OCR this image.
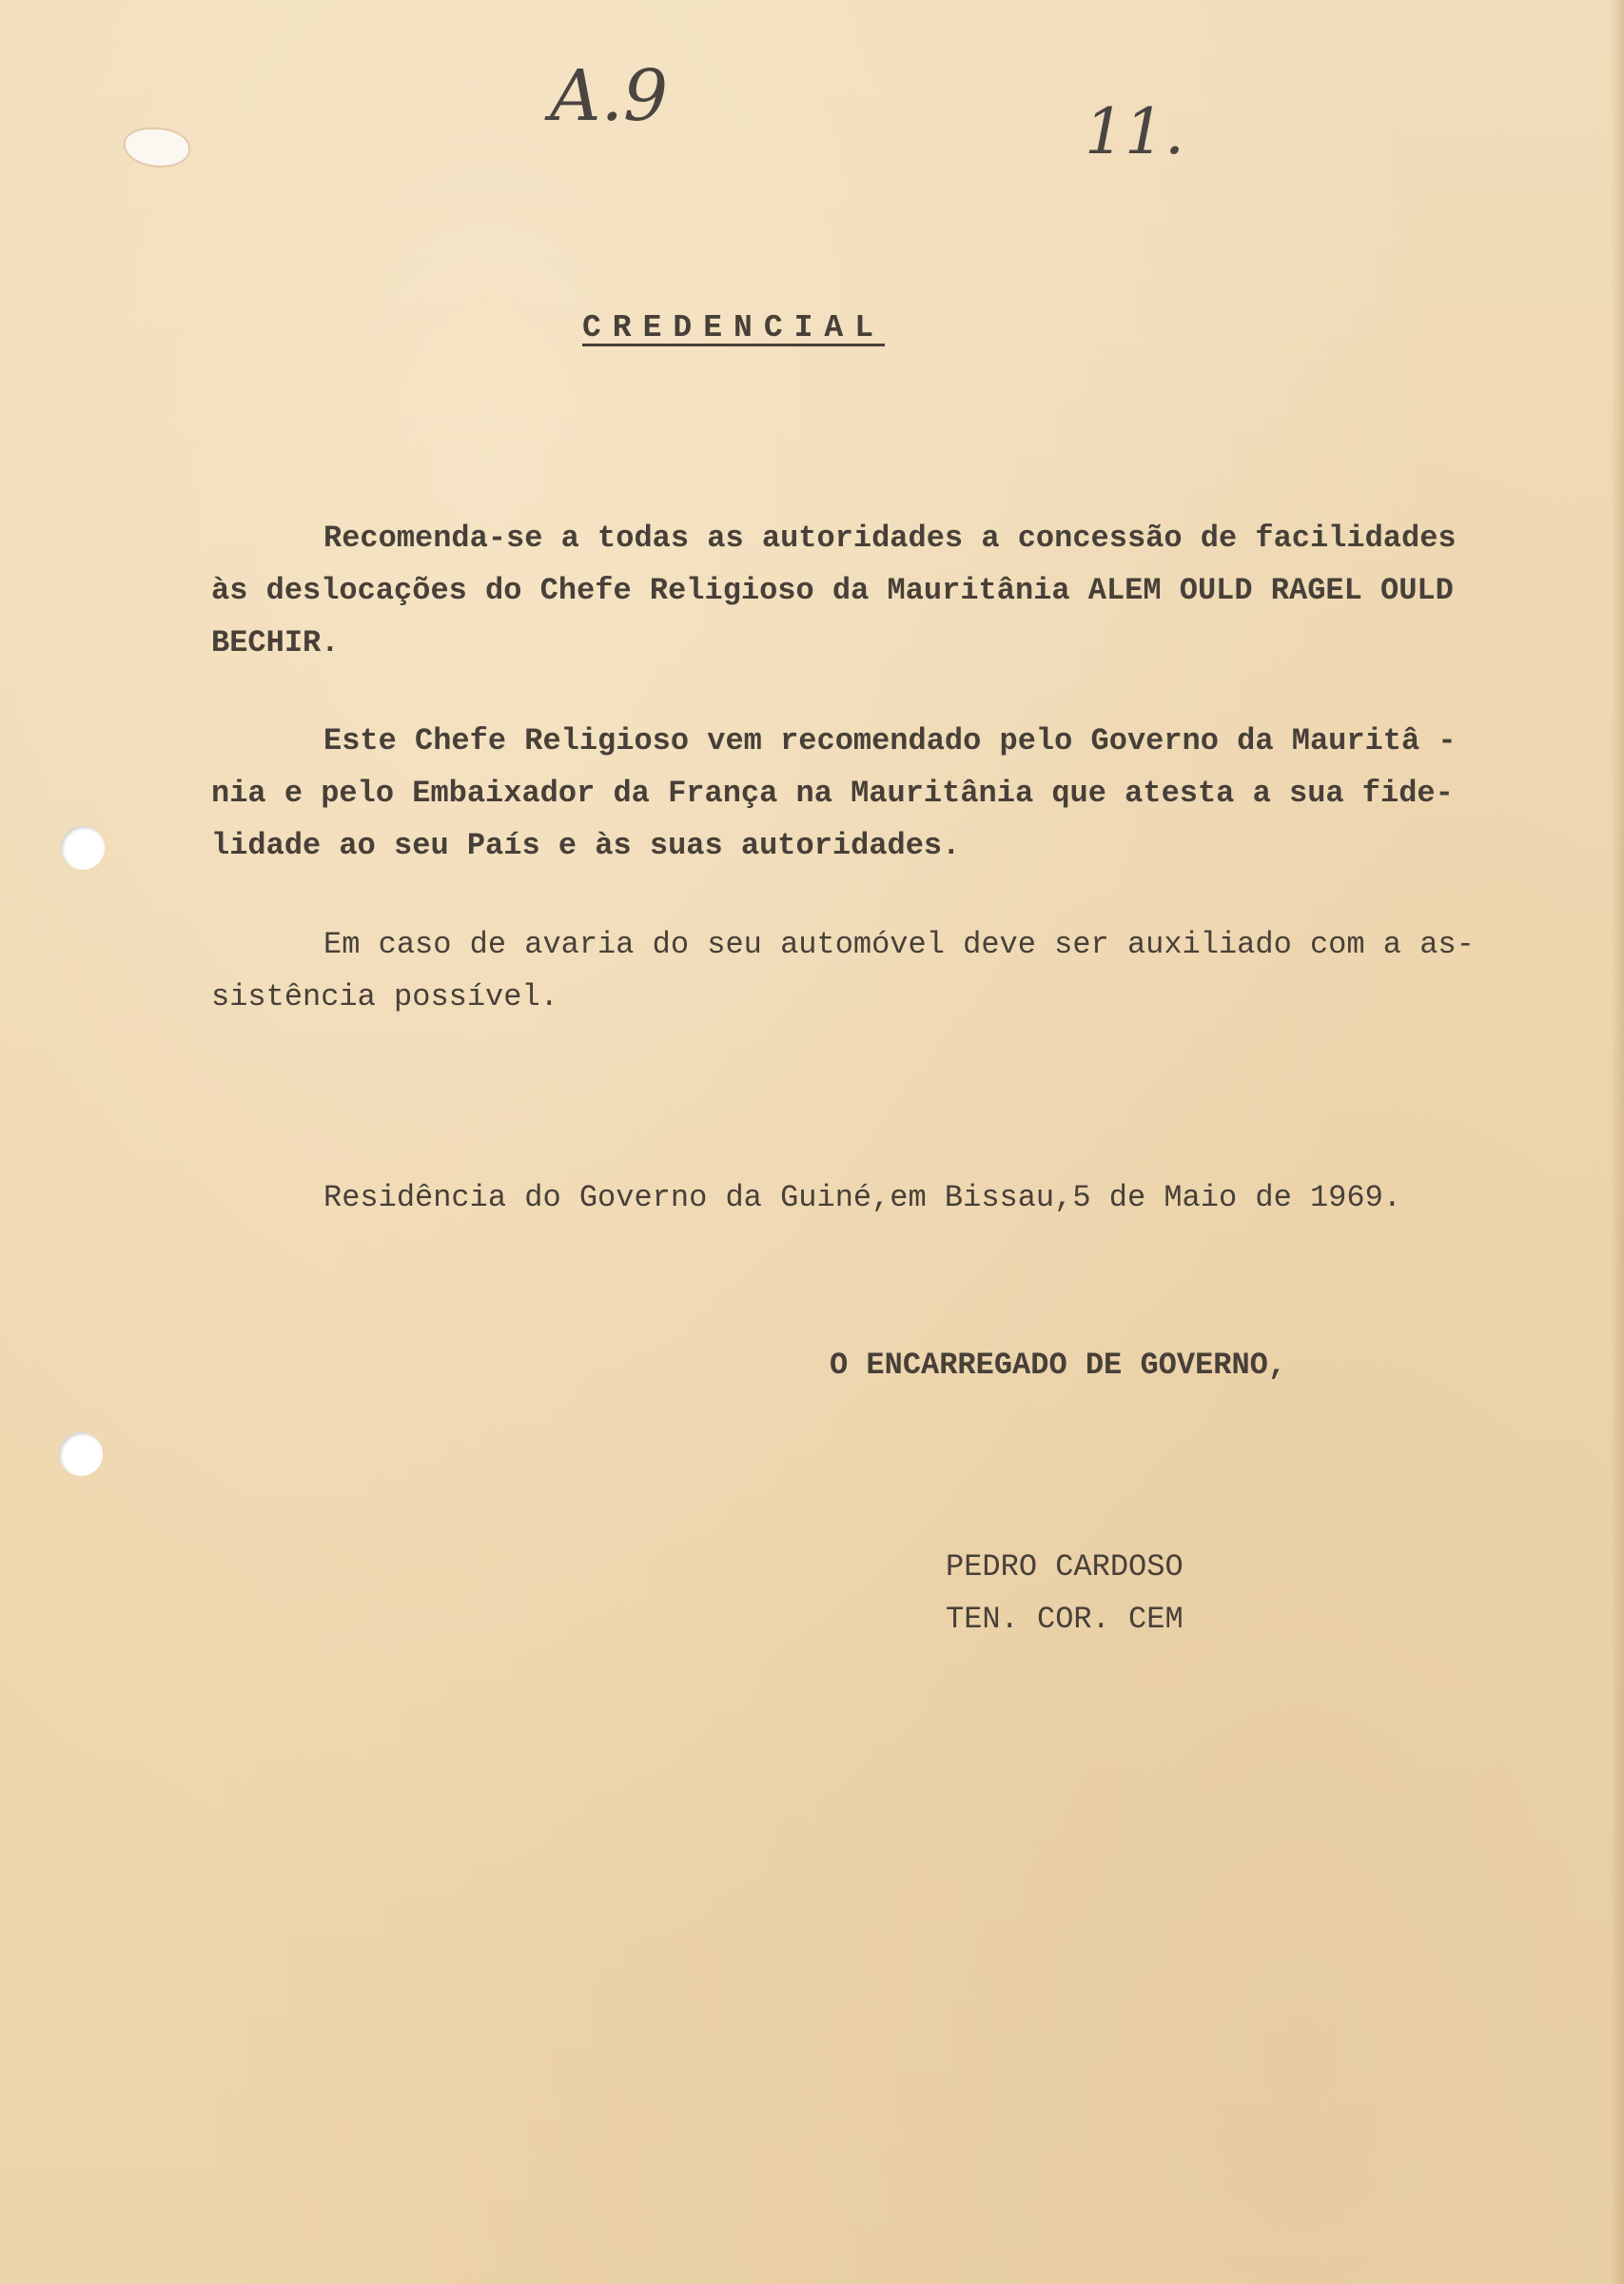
A.9	11.
CREDENCIAL
Recomenda-se a todas as autoridades a concessão de facilidades
às deslocações do Chefe Religioso da Mauritânia ALEM OULD RAGEL OULD
BECHIR.
Este Chefe Religioso vem recomendado pelo Governo da Mauritâ -
nia e pelo Embaixador da França na Mauritânia que atesta a sua fide-
lidade ao seu País e às suas autoridades.
Em caso de avaria do seu automóvel deve ser auxiliado com a as-
sistência possível.
Residência do Governo da Guiné,em Bissau,5 de Maio de 1969.
O ENCARREGADO DE GOVERNO,
PEDRO CARDOSO
TEN. COR. CEM
